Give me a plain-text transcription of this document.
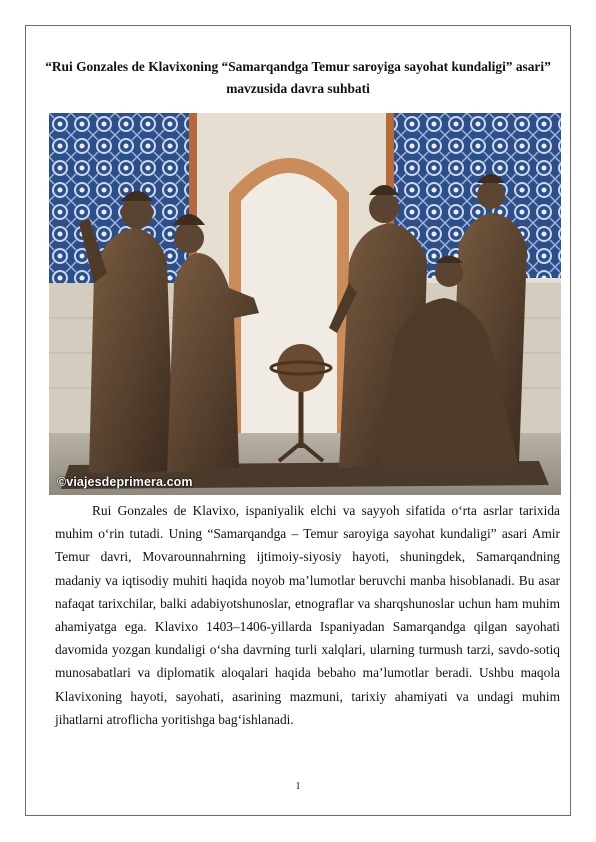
“Rui Gonzales de Klavixoning “Samarqandga Temur saroyiga sayohat kundaligi” asari” mavzusida davra suhbati
©viajesdeprimera.com

Rui Gonzales de Klavixo, ispaniyalik elchi va sayyoh sifatida oʻrta asrlar tarixida muhim oʻrin tutadi. Uning “Samarqandga – Temur saroyiga sayohat kundaligi” asari Amir Temur davri, Movarounnahrning ijtimoiy-siyosiy hayoti, shuningdek, Samarqandning madaniy va iqtisodiy muhiti haqida noyob maʼlumotlar beruvchi manba hisoblanadi. Bu asar nafaqat tarixchilar, balki adabiyotshunoslar, etnograflar va sharqshunoslar uchun ham muhim ahamiyatga ega. Klavixo 1403–1406-yillarda Ispaniyadan Samarqandga qilgan sayohati davomida yozgan kundaligi oʻsha davrning turli xalqlari, ularning turmush tarzi, savdo-sotiq munosabatlari va diplomatik aloqalari haqida bebaho maʼlumotlar beradi. Ushbu maqola Klavixoning hayoti, sayohati, asarining mazmuni, tarixiy ahamiyati va undagi muhim jihatlarni atroflicha yoritishga bagʻishlanadi.

1
